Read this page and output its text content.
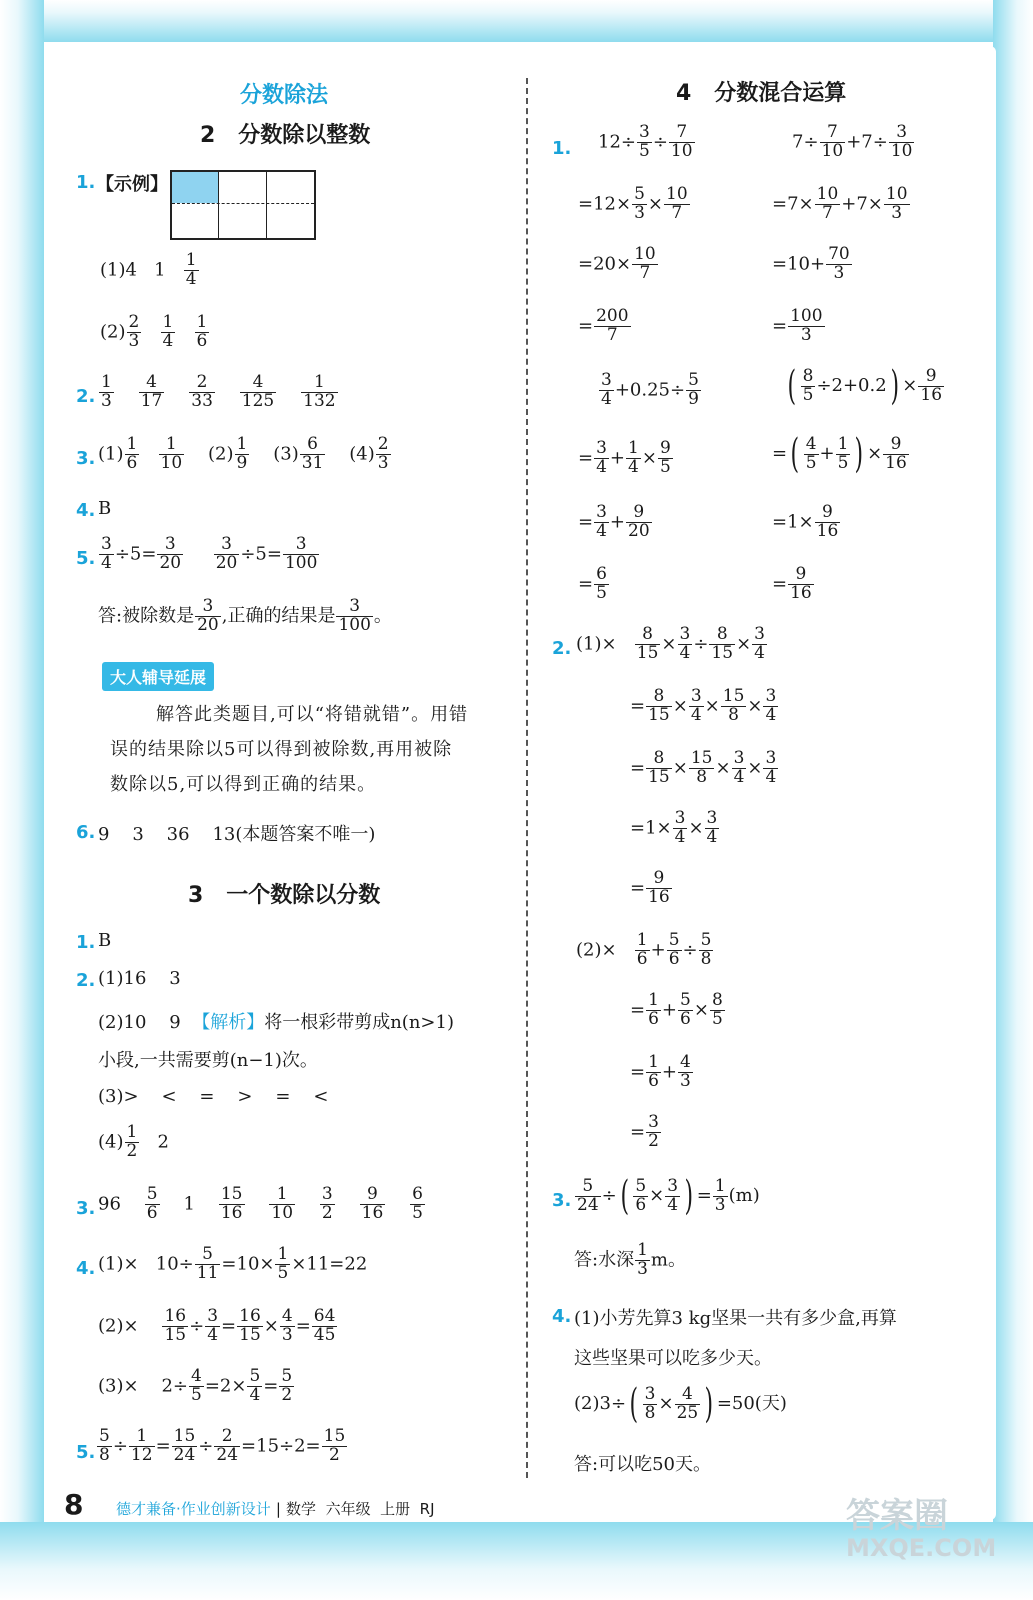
分数除法
2 分数除以整数
1. 【示例】
(1)4 $1 \frac{1}{4}$
$(2) \frac{2}{3}$
$\frac{1}{4}$
$\frac{1}{6}$
2. $\frac{1}{3}$
$\frac{4}{17}$
$\frac{2}{33}$
$\frac{4}{125}$
$\frac{1}{132}$
3. $(1) \frac{1}{6}$
$\frac{1}{10} (2) \frac{1}{9} (3) \frac{6}{31} (4) \frac{2}{3}$
4. B
5. $\frac{3}{4} \div 5= \frac{3}{20}$
$\frac{3}{20} \div 5= \frac{3}{100}$
答:被除数是 $\frac{3}{20}$ ,正确的结果是 $\frac{3}{100}$ 。
大人辅导延展
解答此类题目,可以“将错就错”。用错
误的结果除以5可以得到被除数,再用被除
数除以5,可以得到正确的结果。
6. 9    3    36    13(本题答案不唯一)
3 一个数除以分数
1. B
2. (1)16    3
(2)10    9 【解析】将一根彩带剪成n(n>1)
小段,一共需要剪(n−1)次。
(3)>    <    =    >    =    <
$(4) \frac{1}{2} 2$
3. $96 \frac{5}{6} 1 \frac{15}{16}$
$\frac{1}{10}$
$\frac{3}{2}$
$\frac{9}{16}$
$\frac{6}{5}$
4. $(1)\times 10\div \frac{5}{11} =10\times \frac{1}{5} \times 11=22$
$(2)\times \frac{16}{15} \div \frac{3}{4} = \frac{16}{15} \times \frac{4}{3} = \frac{64}{45}$
(3)×    $2\div \frac{4}{5} =2\times \frac{5}{4} = \frac{5}{2}$
5. $\frac{5}{8} \div \frac{1}{12} = \frac{15}{24} \div \frac{2}{24} =15\div 2= \frac{15}{2}$
4 分数混合运算
1. $12\div \frac{3}{5} \div \frac{7}{10}$
$=12\times \frac{5}{3} \times \frac{10}{7}$
$=20\times \frac{10}{7}$
= $\frac{200}{7}$
$7\div \frac{7}{10} +7\div \frac{3}{10}$
$=7\times \frac{10}{7} +7\times \frac{10}{3}$
$=10+ \frac{70}{3}$
= $\frac{100}{3}$
$\frac{3}{4} +0.25\div \frac{5}{9}$
= $\frac{3}{4} + \frac{1}{4} \times \frac{9}{5}$
= $\frac{3}{4} + \frac{9}{20}$
= $\frac{6}{5}$
( $\frac{8}{5} \div 2+0.2) \times \frac{9}{16}$
=( $\frac{4}{5} + \frac{1}{5}$ ) × $\frac{9}{16}$
$=1\times \frac{9}{16}$
= $\frac{9}{16}$
2. $(1)\times \frac{8}{15} \times \frac{3}{4} \div \frac{8}{15} \times \frac{3}{4}$
= $\frac{8}{15} \times \frac{3}{4} \times \frac{15}{8} \times \frac{3}{4}$
= $\frac{8}{15} \times \frac{15}{8} \times \frac{3}{4} \times \frac{3}{4}$
$=1\times \frac{3}{4} \times \frac{3}{4}$
= $\frac{9}{16}$
$(2)\times \frac{1}{6} + \frac{5}{6} \div \frac{5}{8}$
= $\frac{1}{6} + \frac{5}{6} \times \frac{8}{5}$
= $\frac{1}{6} + \frac{4}{3}$
= $\frac{3}{2}$
3. $\frac{5}{24}$ ÷( $\frac{5}{6} \times \frac{3}{4}$ ) = $\frac{1}{3} (m)$
答:水深 $\frac{1}{3}$ m。
4. (1)小芳先算3 kg坚果一共有多少盒,再算
这些坚果可以吃多少天。
$(2)3\div( \frac{3}{8} \times \frac{4}{25}$ ) =50(天)
答:可以吃50天。
8 德才兼备·作业创新设计 | 数学  六年级  上册  RJ	答案圈
MXQE.COM
